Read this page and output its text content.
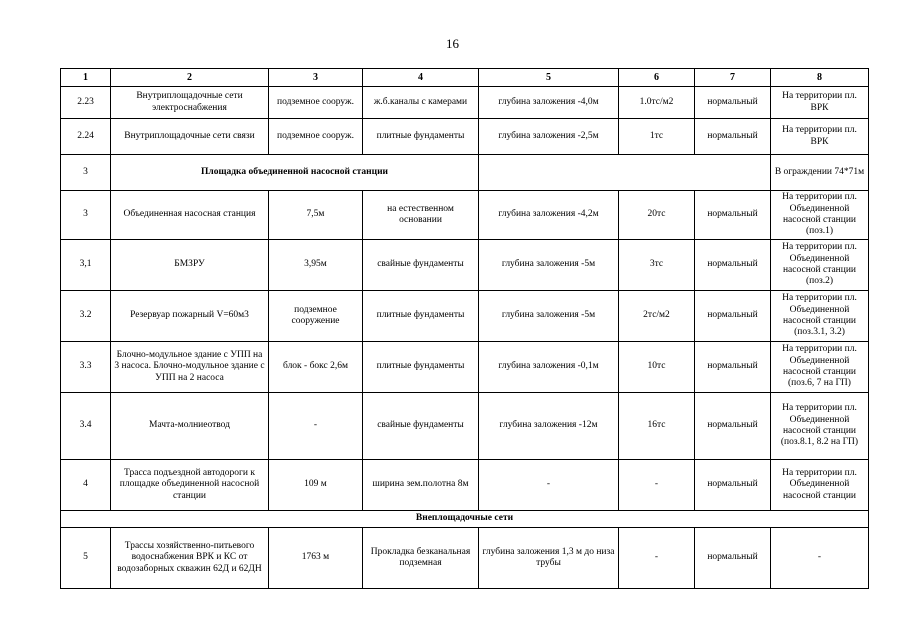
16
1	2	3	4	5	6	7	8
2.23	Внутриплощадочные сети электроснабжения	подземное сооруж.	ж.б.каналы с камерами	глубина заложения -4,0м	1.0тс/м2	нормальный	На территории пл. ВРК
2.24	Внутриплощадочные сети связи	подземное сооруж.	плитные фундаменты	глубина заложения -2,5м	1тс	нормальный	На территории пл. ВРК
3	Площадка объединенной насосной станции						В ограждении 74*71м
3	Объединенная насосная станция	7,5м	на естественном основании	глубина заложения -4,2м	20тс	нормальный	На территории пл. Объединенной насосной станции (поз.1)
3,1	БМЗРУ	3,95м	свайные фундаменты	глубина заложения -5м	3тс	нормальный	На территории пл. Объединенной насосной станции (поз.2)
3.2	Резервуар пожарный V=60м3	подземное сооружение	плитные фундаменты	глубина заложения -5м	2тс/м2	нормальный	На территории пл. Объединенной насосной станции (поз.3.1, 3.2)
3.3	Блочно-модульное здание с УПП на 3 насоса. Блочно-модульное здание с УПП на 2 насоса	блок - бокс 2,6м	плитные фундаменты	глубина заложения -0,1м	10тс	нормальный	На территории пл. Объединенной насосной станции (поз.6, 7 на ГП)
3.4	Мачта-молниеотвод	-	свайные фундаменты	глубина заложения -12м	16тс	нормальный	На территории пл. Объединенной насосной станции (поз.8.1, 8.2 на ГП)
4	Трасса подъездной автодороги к площадке объединенной насосной станции	109 м	ширина зем.полотна 8м	-	-	нормальный	На территории пл. Объединенной насосной станции
Внеплощадочные сети							
5	Трассы хозяйственно-питьевого водоснабжения ВРК и КС от водозаборных скважин 62Д и 62ДН	1763 м	Прокладка безканальная подземная	глубина заложения 1,3 м до низа трубы	-	нормальный	-
